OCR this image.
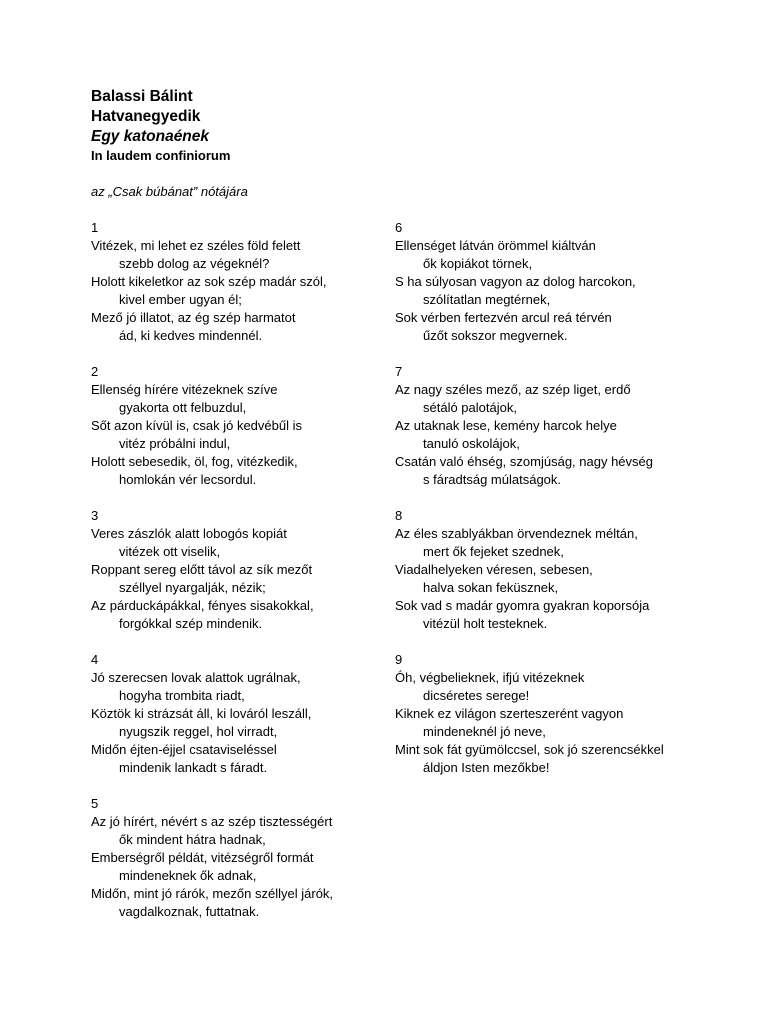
Balassi Bálint

Hatvanegyedik

Egy katonaének

In laudem confiniorum

az „Csak búbánat” nótájára

1

Vitézek, mi lehet ez széles föld felett

szebb dolog az végeknél?

Holott kikeletkor az sok szép madár szól,

kivel ember ugyan él;

Mező jó illatot, az ég szép harmatot

ád, ki kedves mindennél.

2

Ellenség hírére vitézeknek szíve

gyakorta ott felbuzdul,

Sőt azon kívül is, csak jó kedvébűl is

vitéz próbálni indul,

Holott sebesedik, öl, fog, vitézkedik,

homlokán vér lecsordul.

3

Veres zászlók alatt lobogós kopiát

vitézek ott viselik,

Roppant sereg előtt távol az sík mezőt

széllyel nyargalják, nézik;

Az párduckápákkal, fényes sisakokkal,

forgókkal szép mindenik.

4

Jó szerecsen lovak alattok ugrálnak,

hogyha trombita riadt,

Köztök ki strázsát áll, ki lováról leszáll,

nyugszik reggel, hol virradt,

Midőn éjten-éjjel csataviseléssel

mindenik lankadt s fáradt.

5

Az jó hírért, névért s az szép tisztességért

ők mindent hátra hadnak,

Emberségről példát, vitézségről formát

mindeneknek ők adnak,

Midőn, mint jó rárók, mezőn széllyel járók,

vagdalkoznak, futtatnak.

6

Ellenséget látván örömmel kiáltván

ők kopiákot törnek,

S ha súlyosan vagyon az dolog harcokon,

szólítatlan megtérnek,

Sok vérben fertezvén arcul reá térvén

űzőt sokszor megvernek.

7

Az nagy széles mező, az szép liget, erdő

sétáló palotájok,

Az utaknak lese, kemény harcok helye

tanuló oskolájok,

Csatán való éhség, szomjúság, nagy hévség

s fáradtság múlatságok.

8

Az éles szablyákban örvendeznek méltán,

mert ők fejeket szednek,

Viadalhelyeken véresen, sebesen,

halva sokan feküsznek,

Sok vad s madár gyomra gyakran koporsója

vitézül holt testeknek.

9

Óh, végbelieknek, ifjú vitézeknek

dicséretes serege!

Kiknek ez világon szerteszerént vagyon

mindeneknél jó neve,

Mint sok fát gyümölccsel, sok jó szerencsékkel

áldjon Isten mezőkbe!
